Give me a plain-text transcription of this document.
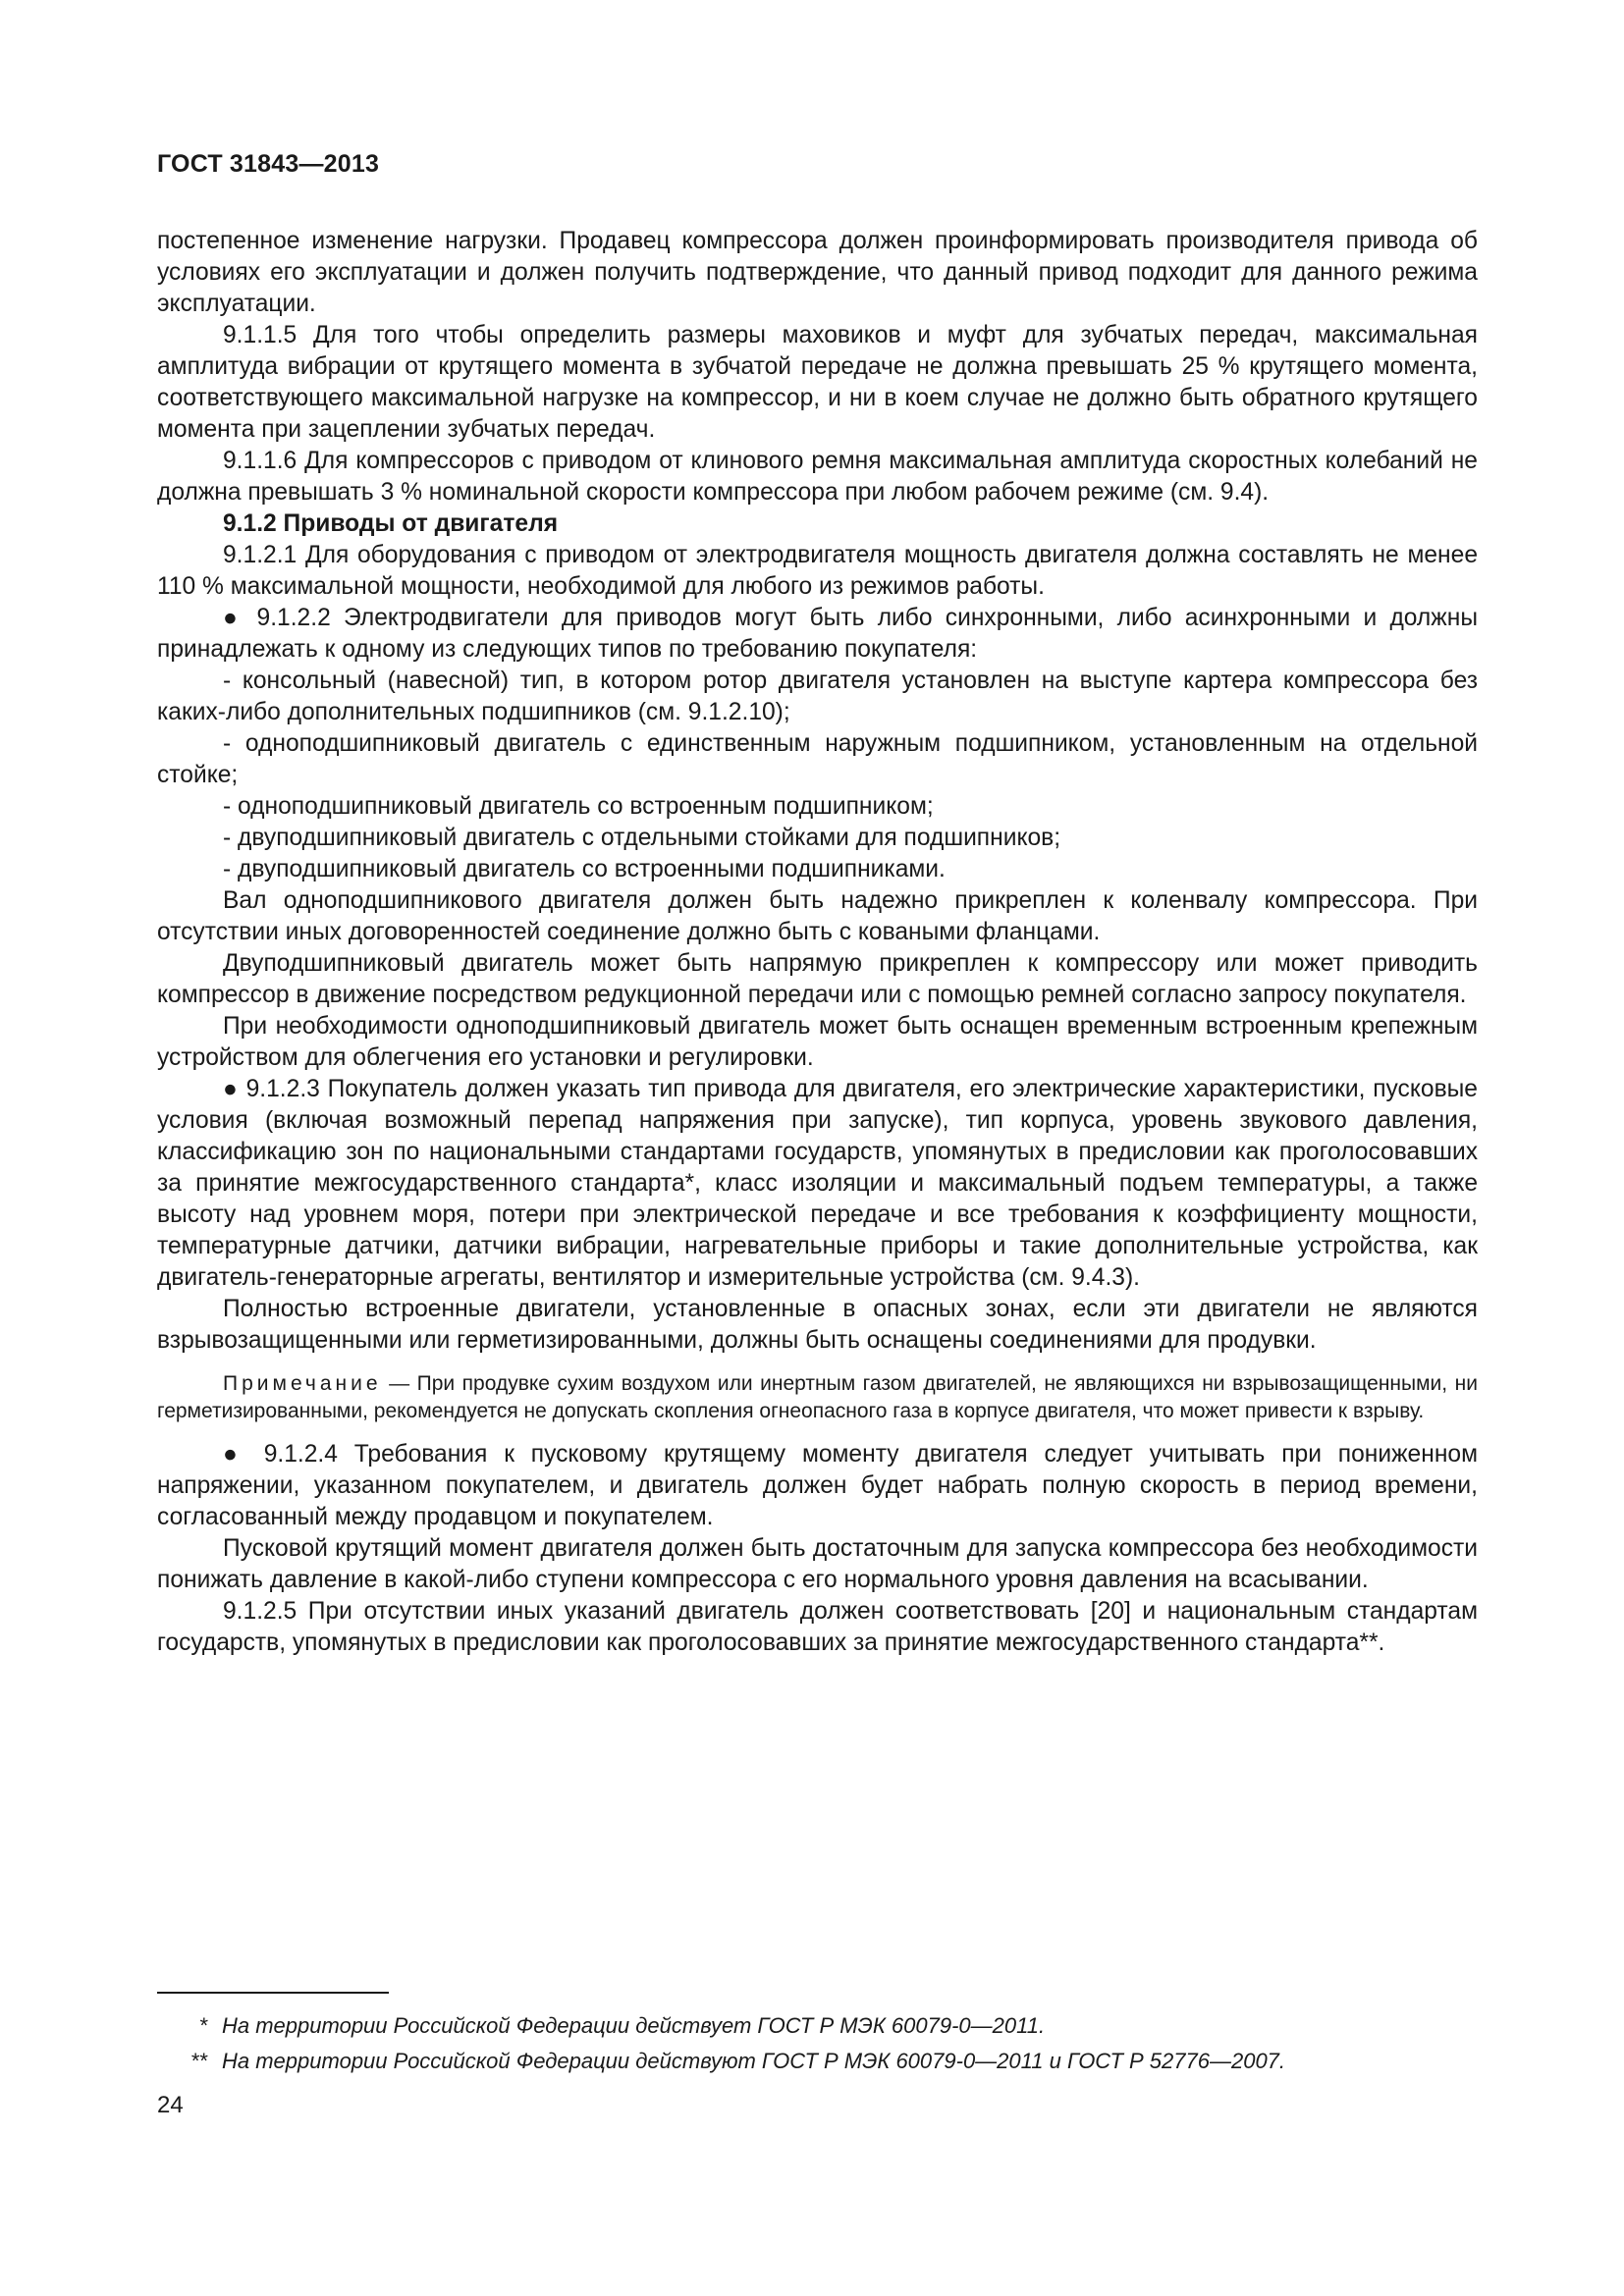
ГОСТ 31843—2013

постепенное изменение нагрузки. Продавец компрессора должен проинформировать производителя привода об условиях его эксплуатации и должен получить подтверждение, что данный привод подходит для данного режима эксплуатации.

9.1.1.5 Для того чтобы определить размеры маховиков и муфт для зубчатых передач, максимальная амплитуда вибрации от крутящего момента в зубчатой передаче не должна превышать 25 % крутящего момента, соответствующего максимальной нагрузке на компрессор, и ни в коем случае не должно быть обратного крутящего момента при зацеплении зубчатых передач.

9.1.1.6 Для компрессоров с приводом от клинового ремня максимальная амплитуда скоростных колебаний не должна превышать 3 % номинальной скорости компрессора при любом рабочем режиме (см. 9.4).

9.1.2 Приводы от двигателя

9.1.2.1 Для оборудования с приводом от электродвигателя мощность двигателя должна составлять не менее 110 % максимальной мощности, необходимой для любого из режимов работы.

● 9.1.2.2 Электродвигатели для приводов могут быть либо синхронными, либо асинхронными и должны принадлежать к одному из следующих типов по требованию покупателя:

- консольный (навесной) тип, в котором ротор двигателя установлен на выступе картера компрессора без каких-либо дополнительных подшипников (см. 9.1.2.10);

- одноподшипниковый двигатель с единственным наружным подшипником, установленным на отдельной стойке;

- одноподшипниковый двигатель со встроенным подшипником;

- двуподшипниковый двигатель с отдельными стойками для подшипников;

- двуподшипниковый двигатель со встроенными подшипниками.

Вал одноподшипникового двигателя должен быть надежно прикреплен к коленвалу компрессора. При отсутствии иных договоренностей соединение должно быть с коваными фланцами.

Двуподшипниковый двигатель может быть напрямую прикреплен к компрессору или может приводить компрессор в движение посредством редукционной передачи или с помощью ремней согласно запросу покупателя.

При необходимости одноподшипниковый двигатель может быть оснащен временным встроенным крепежным устройством для облегчения его установки и регулировки.

● 9.1.2.3 Покупатель должен указать тип привода для двигателя, его электрические характеристики, пусковые условия (включая возможный перепад напряжения при запуске), тип корпуса, уровень звукового давления, классификацию зон по национальными стандартами государств, упомянутых в предисловии как проголосовавших за принятие межгосударственного стандарта*, класс изоляции и максимальный подъем температуры, а также высоту над уровнем моря, потери при электрической передаче и все требования к коэффициенту мощности, температурные датчики, датчики вибрации, нагревательные приборы и такие дополнительные устройства, как двигатель-генераторные агрегаты, вентилятор и измерительные устройства (см. 9.4.3).

Полностью встроенные двигатели, установленные в опасных зонах, если эти двигатели не являются взрывозащищенными или герметизированными, должны быть оснащены соединениями для продувки.

Примечание — При продувке сухим воздухом или инертным газом двигателей, не являющихся ни взрывозащищенными, ни герметизированными, рекомендуется не допускать скопления огнеопасного газа в корпусе двигателя, что может привести к взрыву.

● 9.1.2.4 Требования к пусковому крутящему моменту двигателя следует учитывать при пониженном напряжении, указанном покупателем, и двигатель должен будет набрать полную скорость в период времени, согласованный между продавцом и покупателем.

Пусковой крутящий момент двигателя должен быть достаточным для запуска компрессора без необходимости понижать давление в какой-либо ступени компрессора с его нормального уровня давления на всасывании.

9.1.2.5 При отсутствии иных указаний двигатель должен соответствовать [20] и национальным стандартам государств, упомянутых в предисловии как проголосовавших за принятие межгосударственного стандарта**.

* На территории Российской Федерации действует ГОСТ Р МЭК 60079-0—2011.

** На территории Российской Федерации действуют ГОСТ Р МЭК 60079-0—2011 и ГОСТ Р 52776—2007.

24
